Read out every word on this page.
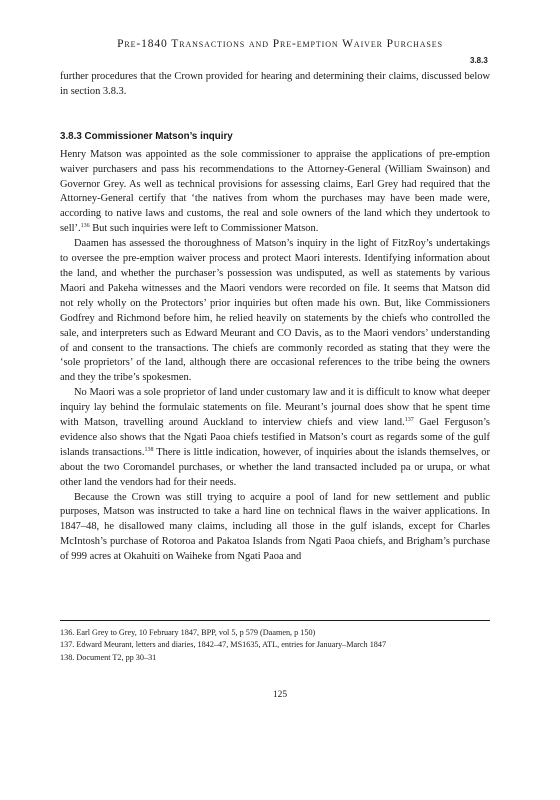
Pre-1840 Transactions and Pre-emption Waiver Purchases
3.8.3

further procedures that the Crown provided for hearing and determining their claims, discussed below in section 3.8.3.

3.8.3 Commissioner Matson’s inquiry

Henry Matson was appointed as the sole commissioner to appraise the applications of pre-emption waiver purchasers and pass his recommendations to the Attorney-General (William Swainson) and Governor Grey. As well as technical provisions for assessing claims, Earl Grey had required that the Attorney-General certify that ‘the natives from whom the purchases may have been made were, according to native laws and customs, the real and sole owners of the land which they undertook to sell’.$^{136}$ But such inquiries were left to Commissioner Matson.

Daamen has assessed the thoroughness of Matson’s inquiry in the light of FitzRoy’s undertakings to oversee the pre-emption waiver process and protect Maori interests. Identifying information about the land, and whether the purchaser’s possession was undisputed, as well as statements by various Maori and Pakeha witnesses and the Maori vendors were recorded on file. It seems that Matson did not rely wholly on the Protectors’ prior inquiries but often made his own. But, like Commissioners Godfrey and Richmond before him, he relied heavily on statements by the chiefs who controlled the sale, and interpreters such as Edward Meurant and CO Davis, as to the Maori vendors’ understanding of and consent to the transactions. The chiefs are commonly recorded as stating that they were the ‘sole proprietors’ of the land, although there are occasional references to the tribe being the owners and they the tribe’s spokesmen.

No Maori was a sole proprietor of land under customary law and it is difficult to know what deeper inquiry lay behind the formulaic statements on file. Meurant’s journal does show that he spent time with Matson, travelling around Auckland to interview chiefs and view land.$^{137}$ Gael Ferguson’s evidence also shows that the Ngati Paoa chiefs testified in Matson’s court as regards some of the gulf islands transactions.$^{138}$ There is little indication, however, of inquiries about the islands themselves, or about the two Coromandel purchases, or whether the land transacted included pa or urupa, or what other land the vendors had for their needs.

Because the Crown was still trying to acquire a pool of land for new settlement and public purposes, Matson was instructed to take a hard line on technical flaws in the waiver applications. In 1847–48, he disallowed many claims, including all those in the gulf islands, except for Charles McIntosh’s purchase of Rotoroa and Pakatoa Islands from Ngati Paoa chiefs, and Brigham’s purchase of 999 acres at Okahuiti on Waiheke from Ngati Paoa and

136. Earl Grey to Grey, 10 February 1847, BPP, vol 5, p 579 (Daamen, p 150)
137. Edward Meurant, letters and diaries, 1842–47, MS1635, ATL, entries for January–March 1847
138. Document T2, pp 30–31
125
